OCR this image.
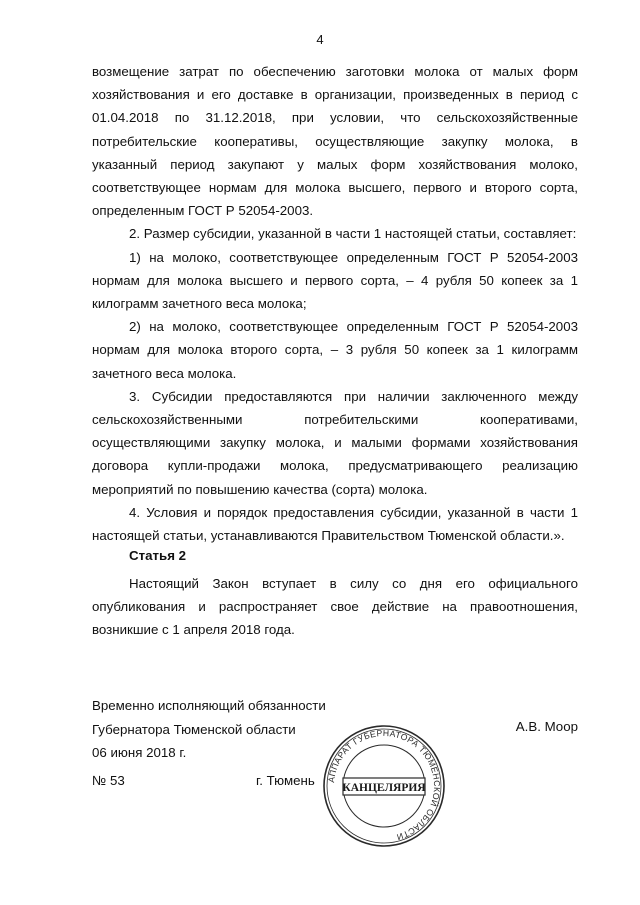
4

возмещение затрат по обеспечению заготовки молока от малых форм хозяйствования и его доставке в организации, произведенных в период с 01.04.2018 по 31.12.2018, при условии, что сельскохозяйственные потребительские кооперативы, осуществляющие закупку молока, в указанный период закупают у малых форм хозяйствования молоко, соответствующее нормам для молока высшего, первого и второго сорта, определенным ГОСТ Р 52054-2003.

2. Размер субсидии, указанной в части 1 настоящей статьи, составляет:

1) на молоко, соответствующее определенным ГОСТ Р 52054-2003 нормам для молока высшего и первого сорта, – 4 рубля 50 копеек за 1 килограмм зачетного веса молока;

2) на молоко, соответствующее определенным ГОСТ Р 52054-2003 нормам для молока второго сорта, – 3 рубля 50 копеек за 1 килограмм зачетного веса молока.

3. Субсидии предоставляются при наличии заключенного между сельскохозяйственными потребительскими кооперативами, осуществляющими закупку молока, и малыми формами хозяйствования договора купли-продажи молока, предусматривающего реализацию мероприятий по повышению качества (сорта) молока.

4. Условия и порядок предоставления субсидии, указанной в части 1 настоящей статьи, устанавливаются Правительством Тюменской области.».

Статья 2

Настоящий Закон вступает в силу со дня его официального опубликования и распространяет свое действие на правоотношения, возникшие с 1 апреля 2018 года.

Временно исполняющий обязанности
Губернатора Тюменской области
06 июня 2018 г.
А.В. Моор
№ 53	г. Тюмень АППАРАТ ГУБЕРНАТОРА ТЮМЕНСКОЙ ОБЛАСТИ
КАНЦЕЛЯРИЯ
